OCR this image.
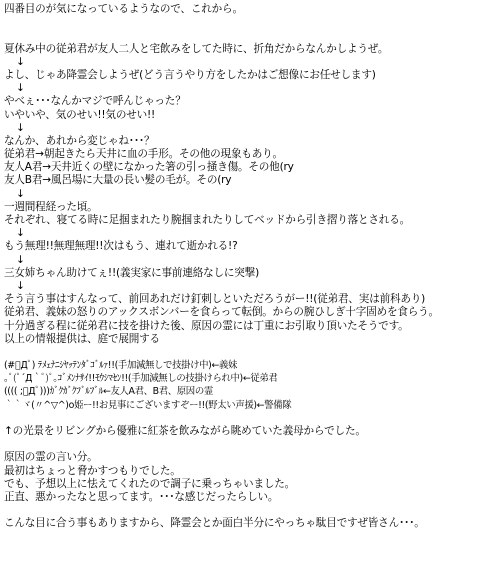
四番目のが気になっているようなので、これから。
夏休み中の従弟君が友人二人と宅飲みをしてた時に、折角だからなんかしようぜ。
↓
よし、じゃあ降霊会しようぜ(どう言うやり方をしたかはご想像にお任せします)
↓
やべぇ･･･なんかマジで呼んじゃった？
いやいや、気のせい!!気のせい!!
↓
なんか、あれから変じゃね･･･？
従弟君→朝起きたら天井に血の手形。その他の現象もあり。
友人A君→天井近くの壁になかった箸の引っ掻き傷。その他(ry
友人B君→風呂場に大量の長い髪の毛が。その(ry
↓
一週間程経った頃。
それぞれ、寝てる時に足掴まれたり腕掴まれたりしてベッドから引き摺り落とされる。
↓
もう無理!!無理無理!!次はもう、連れて逝かれる!?
↓
三女姉ちゃん助けてぇ!!(義実家に事前連絡なしに突撃)
↓
そう言う事はすんなって、前回あれだけ釘刺しといただろうがー!!(従弟君、実は前科あり)
従弟君、義妹の怒りのアックスボンバーを食らって転倒。からの腕ひしぎ十字固めを食らう。
十分過ぎる程に従弟君に技を掛けた後、原因の霊には丁重にお引取り頂いたそうです。
以上の情報提供は、庭で展開する
(#ﾟДﾟ) ﾃﾒｪﾅﾆｼﾔｯﾃﾝﾀﾞｺﾞﾙｧ!!(手加減無しで技掛け中)←義妹
｡ﾟ(ﾟ´Д｀ﾟ)ﾟ｡ｺﾞﾒﾝﾅｻｲ!!ﾓｳｼﾏｾﾝ!!(手加減無しの技掛けられ中)←従弟君
(((( ;ﾟДﾟ)))ｶﾞｸｶﾞｸﾌﾞﾙﾌﾞﾙ←友人A君、B君、原因の霊
｀｀ヾ(〃^▽^)o姫ー!!お見事にございますぞー!!(野太い声援)←警備隊
↑の光景をリビングから優雅に紅茶を飲みながら眺めていた義母からでした。
原因の霊の言い分。
最初はちょっと脅かすつもりでした。
でも、予想以上に怯えてくれたので調子に乗っちゃいました。
正直、悪かったなと思ってます。･･･な感じだったらしい。
こんな目に合う事もありますから、降霊会とか面白半分にやっちゃ駄目ですぜ皆さん･･･。
